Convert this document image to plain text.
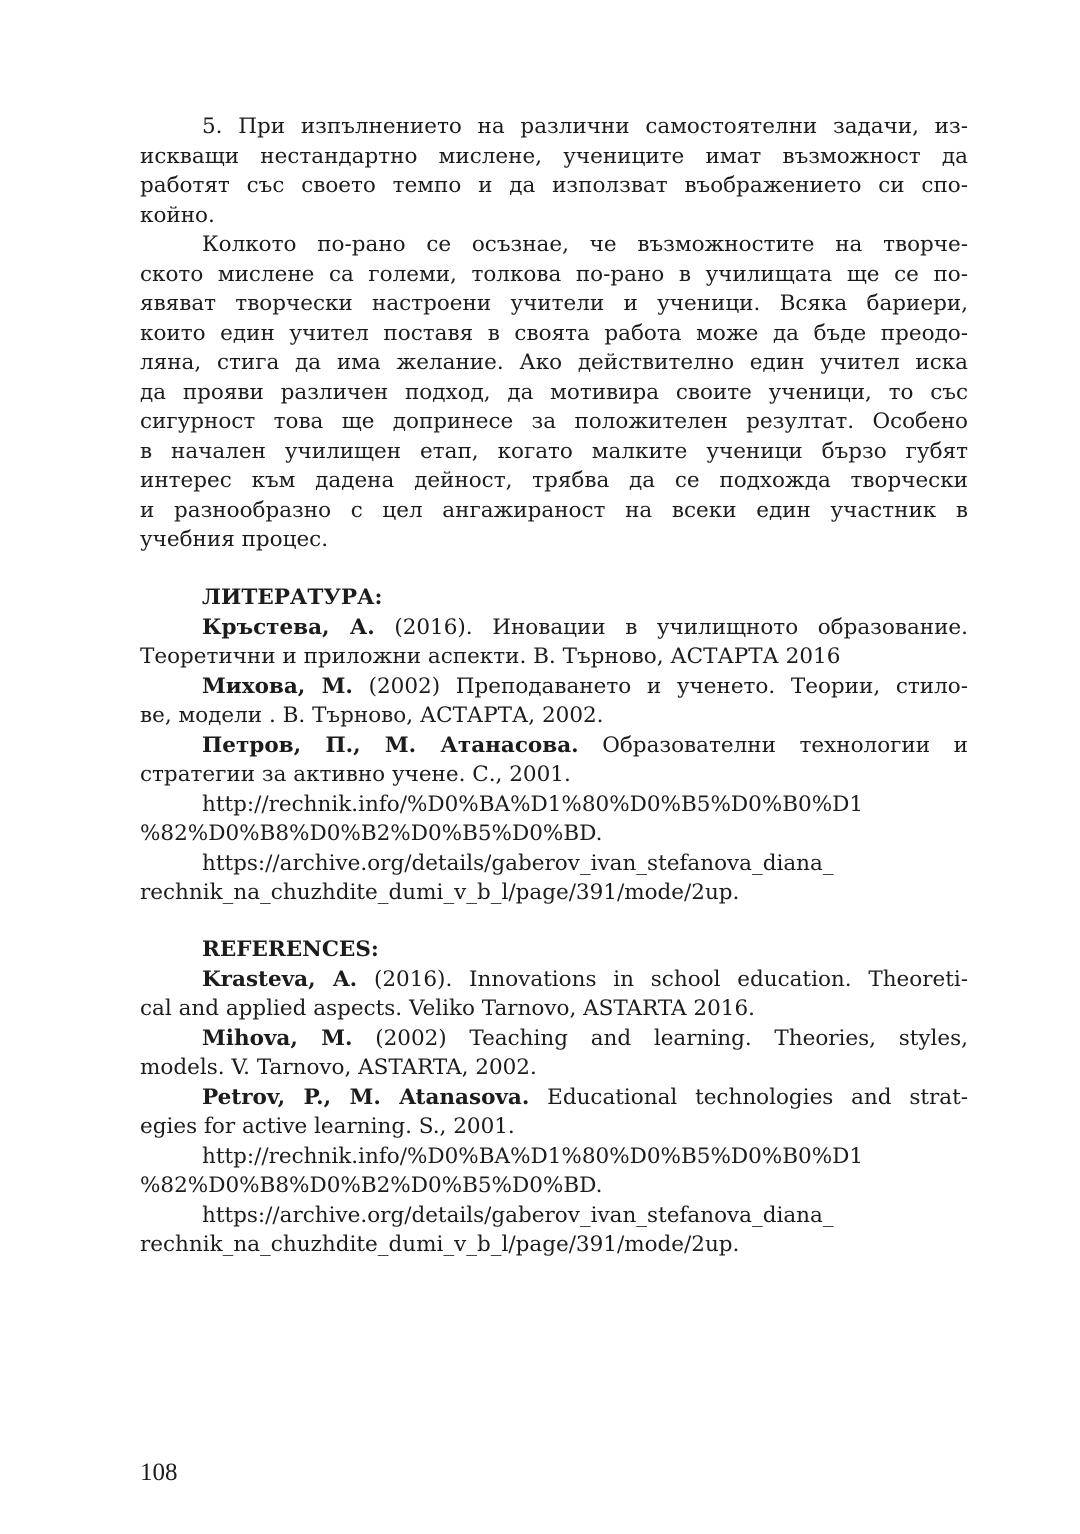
5. При изпълнението на различни самостоятелни задачи, из-
искващи нестандартно мислене, учениците имат възможност да
работят със своето темпо и да използват въображението си спо-
койно.
Колкото по-рано се осъзнае, че възможностите на творче-
ското мислене са големи, толкова по-рано в училищата ще се по-
явяват творчески настроени учители и ученици. Всяка бариери,
които един учител поставя в своята работа може да бъде преодо-
ляна, стига да има желание. Ако действително един учител иска
да прояви различен подход, да мотивира своите ученици, то със
сигурност това ще допринесе за положителен резултат. Особено
в начален училищен етап, когато малките ученици бързо губят
интерес към дадена дейност, трябва да се подхожда творчески
и разнообразно с цел ангажираност на всеки един участник в
учебния процес.
ЛИТЕРАТУРА:
Кръстева, А. (2016). Иновации в училищното образование.
Теоретични и приложни аспекти. В. Търново, АСТАРТА 2016
Михова, М. (2002) Преподаването и ученето. Теории, стило-
ве, модели . В. Търново, АСТАРТА, 2002.
Петров, П., М. Атанасова. Образователни технологии и
стратегии за активно учене. С., 2001.
http://rechnik.info/%D0%BA%D1%80%D0%B5%D0%B0%D1
%82%D0%B8%D0%B2%D0%B5%D0%BD.
https://archive.org/details/gaberov_ivan_stefanova_diana_
rechnik_na_chuzhdite_dumi_v_b_l/page/391/mode/2up.
REFERENCES:
Krasteva, A. (2016). Innovations in school education. Theoreti-
cal and applied aspects. Veliko Tarnovo, ASTARTA 2016.
Mihova, M. (2002) Teaching and learning. Theories, styles,
models. V. Tarnovo, ASTARTA, 2002.
Petrov, P., M. Atanasova. Educational technologies and strat-
egies for active learning. S., 2001.
http://rechnik.info/%D0%BA%D1%80%D0%B5%D0%B0%D1
%82%D0%B8%D0%B2%D0%B5%D0%BD.
https://archive.org/details/gaberov_ivan_stefanova_diana_
rechnik_na_chuzhdite_dumi_v_b_l/page/391/mode/2up.
108
